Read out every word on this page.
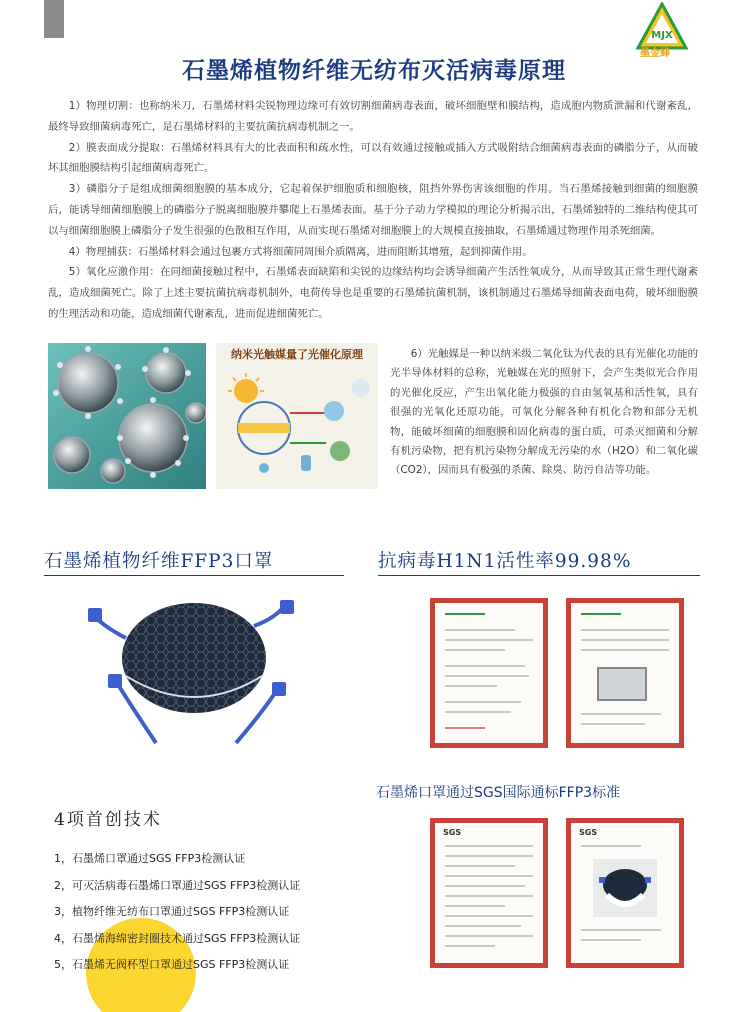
MJX
墨金蜂
石墨烯植物纤维无纺布灭活病毒原理

1）物理切割：也称纳米刀，石墨烯材料尖锐物理边缘可有效切割细菌病毒表面，破坏细胞壁和膜结构，造成胞内物质泄漏和代谢紊乱，最终导致细菌病毒死亡，是石墨烯材料的主要抗菌抗病毒机制之一。

2）膜表面成分提取：石墨烯材料具有大的比表面积和疏水性，可以有效通过接触或插入方式吸附结合细菌病毒表面的磷脂分子，从而破坏其细胞膜结构引起细菌病毒死亡。

3）磷脂分子是组成细菌细胞膜的基本成分，它起着保护细胞质和细胞核，阻挡外界伤害该细胞的作用。当石墨烯接触到细菌的细胞膜后，能诱导细菌细胞膜上的磷脂分子脱离细胞膜并攀爬上石墨烯表面。基于分子动力学模拟的理论分析揭示出，石墨烯独特的二维结构使其可以与细菌细胞膜上磷脂分子发生很强的色散相互作用，从而实现石墨烯对细胞膜上的大规模直接抽取，石墨烯通过物理作用杀死细菌。

4）物理捕获：石墨烯材料会通过包裹方式将细菌同周围介质隔离，进而阻断其增殖，起到抑菌作用。

5）氧化应激作用：在同细菌接触过程中，石墨烯表面缺陷和尖锐的边缘结构均会诱导细菌产生活性氧成分，从而导致其正常生理代谢紊乱，造成细菌死亡。除了上述主要抗菌抗病毒机制外，电荷传导也是重要的石墨烯抗菌机制，该机制通过石墨烯导细菌表面电荷，破坏细胞膜的生理活动和功能，造成细菌代谢紊乱，进而促进细菌死亡。

纳米光触媒量了光催化原理	6）光触媒是一种以纳米级二氧化钛为代表的具有光催化功能的光半导体材料的总称，光触媒在光的照射下，会产生类似光合作用的光催化反应，产生出氧化能力极强的自由氢氧基和活性氧，具有很强的光氧化还原功能，可氧化分解各种有机化合物和部分无机物，能破坏细菌的细胞膜和固化病毒的蛋白质，可杀灭细菌和分解有机污染物，把有机污染物分解成无污染的水（H2O）和二氧化碳（CO2），因而具有极强的杀菌、除臭、防污自洁等功能。

石墨烯植物纤维FFP3口罩	抗病毒H1N1活性率99.98%
石墨烯口罩通过SGS国际通标FFP3标准
SGS	SGS
4项首创技术
1，石墨烯口罩通过SGS FFP3检测认证
2，可灭活病毒石墨烯口罩通过SGS FFP3检测认证
3，植物纤维无纺布口罩通过SGS FFP3检测认证
4，石墨烯海绵密封圈技术通过SGS FFP3检测认证
5，石墨烯无阀杯型口罩通过SGS FFP3检测认证
